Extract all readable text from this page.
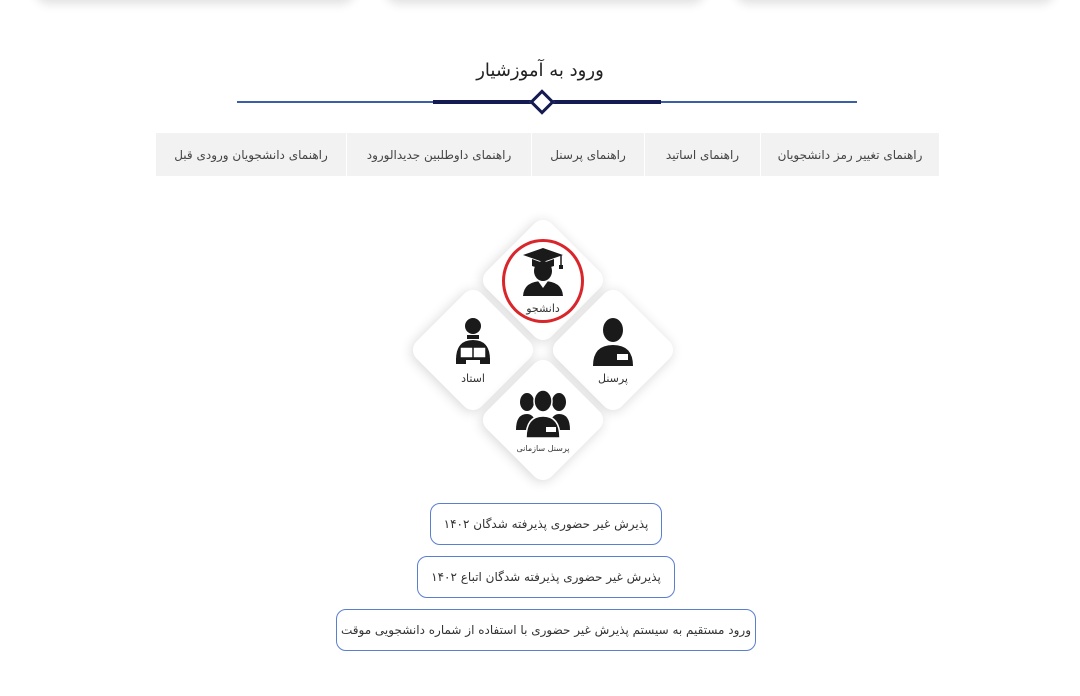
ورود به آموزشیار
راهنمای دانشجویان ورودی قبل	راهنمای داوطلبین جدیدالورود	راهنمای پرسنل	راهنمای اساتید	راهنمای تغییر رمز دانشجویان
دانشجو
استاد	پرسنل
پرسنل سازمانی
پذیرش غیر حضوری پذیرفته شدگان ۱۴۰۲
پذیرش غیر حضوری پذیرفته شدگان اتباع ۱۴۰۲
ورود مستقیم به سیستم پذیرش غیر حضوری با استفاده از شماره دانشجویی موقت
